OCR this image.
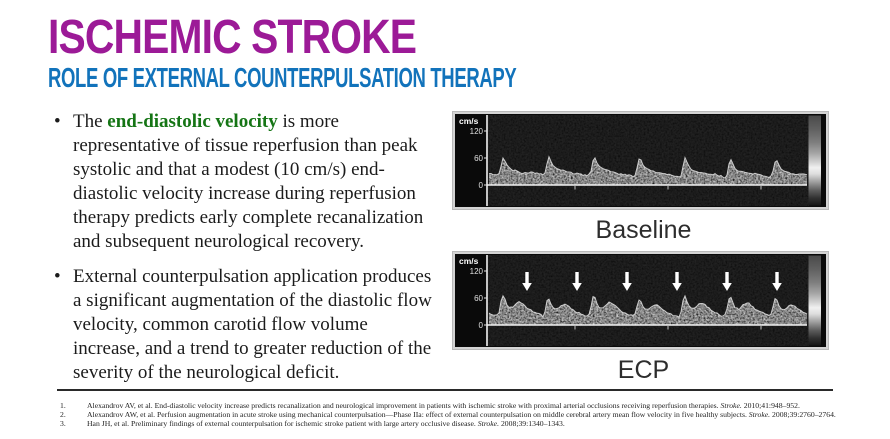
ISCHEMIC STROKE
ROLE OF EXTERNAL COUNTERPULSATION THERAPY
• The end-diastolic velocity is more representative of tissue reperfusion than peak systolic and that a modest (10 cm/s) end-diastolic velocity increase during reperfusion therapy predicts early complete recanalization and subsequent neurological recovery.
• External counterpulsation application produces a significant augmentation of the diastolic flow velocity, common carotid flow volume increase, and a trend to greater reduction of the severity of the neurological deficit.
cm/s
120
60
0
Baseline
cm/s
120
60
0
ECP
1.	Alexandrov AV, et al. End-diastolic velocity increase predicts recanalization and neurological improvement in patients with ischemic stroke with proximal arterial occlusions receiving reperfusion therapies. Stroke. 2010;41:948–952.
2.	Alexandrov AW, et al. Perfusion augmentation in acute stroke using mechanical counterpulsation—Phase IIa: effect of external counterpulsation on middle cerebral artery mean flow velocity in five healthy subjects. Stroke. 2008;39:2760–2764.
3.	Han JH, et al. Preliminary findings of external counterpulsation for ischemic stroke patient with large artery occlusive disease. Stroke. 2008;39:1340–1343.
